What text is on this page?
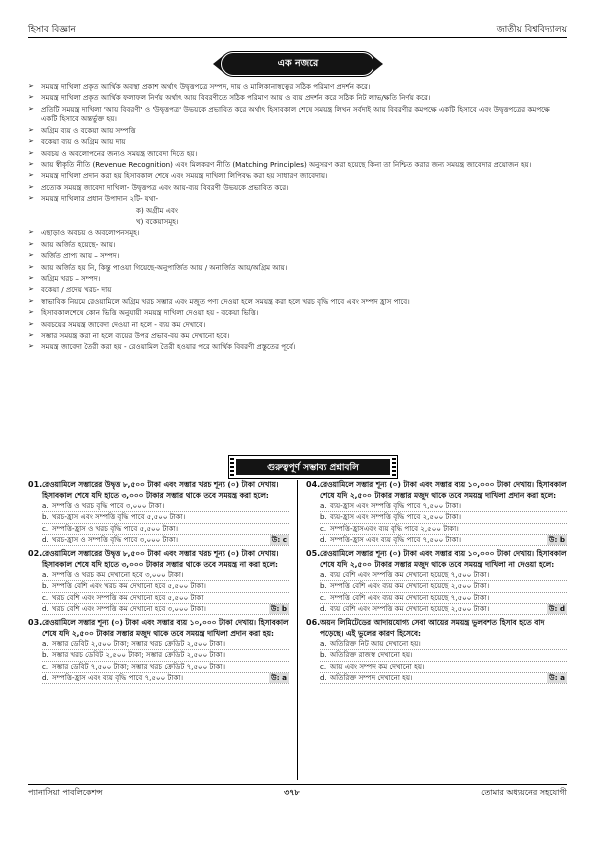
হিসাব বিজ্ঞান	জাতীয় বিশ্ববিদ্যালয়
এক নজরে
➢	সময়ন্ত্র দাখিলা প্রকৃত আর্থিক অবস্থা প্রকাশ অর্থাৎ উদ্বৃত্তপত্রে সম্পদ, দায় ও মালিকানাস্বত্বের সঠিক পরিমাণ প্রদর্শন করে।
➢	সময়ন্ত্র দাখিলা প্রকৃত আর্থিক ফলাফল নির্ণয় অর্থাৎ আয় বিবরণীতে সঠিক পরিমাণ আয় ও ব্যয় প্রদর্শন করে সঠিক নিট লাভ/ক্ষতি নির্ণয় করে।
➢	প্রতিটি সময়ন্ত্র দাখিলা 'আয় বিবরণী' ও 'উদ্বৃত্তপত্র' উভয়কে প্রভাবিত করে অর্থাৎ হিসাবকাল শেষে সময়ন্ত্র লিখন সর্বদাই আয় বিবরণীর কমপক্ষে একটি হিসাবে এবং উদ্বৃত্তপত্রের কমপক্ষে একটি হিসাবে অন্তর্ভুক্ত হয়।
➢	অগ্রিম ব্যয় ও বকেয়া আয় সম্পত্তি
➢	বকেয়া ব্যয় ও অগ্রিম আয় দায়
➢	অবচয় ও অবলোপনের জন্যও সময়ন্ত্র জাবেদা দিতে হয়।
➢	আয় স্বীকৃতি নীতি (Revenue Recognition) এবং মিলকরণ নীতি (Matching Principles) অনুসরণ করা হয়েছে কিনা তা নিশ্চিত করার জন্য সময়ন্ত্র জাবেদার প্রয়োজন হয়।
➢	সময়ন্ত্র দাখিলা প্রদান করা হয় হিসাবকাল শেষে এবং সময়ন্ত্র দাখিলা লিপিবদ্ধ করা হয় সাধারণ জাবেদায়।
➢	প্রত্যেক সময়ন্ত্র জাবেদা দাখিলা- উদ্বৃত্তপত্র এবং আয়-ব্যয় বিবরণী উভয়কে প্রভাবিত করে।
➢	সময়ন্ত্র দাখিলার প্রধান উপাদান ২টি- যথা-
ক) অগ্রীম এবং
খ) বকেয়াসমূহ।
➢	এছাড়াও অবচয় ও অবলোপনসমূহ।
➢	আয় অর্জিত হয়েছে- আয়।
➢	অর্জিত প্রাপ্য আয় – সম্পদ।
➢	আয় অর্জিত হয় নি, কিন্তু পাওয়া গিয়েছে-অনুপার্জিত আয় / অনার্জিত আয়/অগ্রিম আয়।
➢	অগ্রিম খরচ – সম্পদ।
➢	বকেয়া / প্রদেয় খরচ- দায়
➢	স্বাভাবিক নিয়মে রেওয়ামিলে অগ্রিম খরচ সম্ভার এবং মজুত পণ্য দেওয়া হলে সময়ন্ত্র করা হলে খরচ বৃদ্ধি পাবে এবং সম্পদ হ্রাস পাবে।
➢	হিসাবকালশেষে কোন ভিত্তি অনুযায়ী সময়ন্ত্র দাখিলা দেওয়া হয় - বকেয়া ভিত্তি।
➢	অবচয়ের সময়ন্ত্র জাবেদা দেওয়া না হলে - ব্যয় কম দেখাবে।
➢	সম্ভার সময়ন্ত্র করা না হলে ব্যয়ের উপর প্রভাব-বয় কম দেখানো হবে।
➢	সময়ন্ত্র জাবেদা তৈরী করা হয় - রেওয়ামিল তৈরী হওয়ার পরে আর্থিক বিবরণী প্রস্তুতের পূর্বে।
গুরুত্বপূর্ণ সম্ভাব্য প্রশ্নাবলি
01. রেওয়ামিলে সম্ভারের উদ্বৃত্ত ৮,৫০০ টাকা এবং সম্ভার খরচ শূন্য (০) টাকা দেখায়। হিসাবকাল শেষে যদি হাতে ৩,০০০ টাকার সম্ভার থাকে তবে সময়ন্ত্র করা হলে:
a. সম্পত্তি ও খরচ বৃদ্ধি পাবে ৩,০০০ টাকা।
b. খরচ-হ্রাস এবং সম্পত্তি বৃদ্ধি পাবে ৫,৫০০ টাকা।
c. সম্পত্তি-হ্রাস ও খরচ বৃদ্ধি পাবে ৫,৫০০ টাকা।
d. খরচ-হ্রাস ও সম্পত্তি বৃদ্ধি পাবে ৩,০০০ টাকা।	উ: c
02. রেওয়ামিলে সম্ভারের উদ্বৃত্ত ৮,৫০০ টাকা এবং সম্ভার খরচ শূন্য (০) টাকা দেখায়। হিসাবকাল শেষে যদি হাতে ৩,০০০ টাকার সম্ভার থাকে তবে সময়ন্ত্র না করা হলে:
a. সম্পত্তি ও খরচ কম দেখানো হবে ৩,০০০ টাকা।
b. সম্পত্তি বেশি এবং খরচ কম দেখানো হবে ৫,৫০০ টাকা।
c. খরচ বেশি এবং সম্পত্তি কম দেখানো হবে ৫,৫০০ টাকা
d. খরচ বেশি এবং সম্পত্তি কম দেখানো হবে ৩,০০০ টাকা।	উ: b
03. রেওয়ামিলে সম্ভার শূন্য (০) টাকা এবং সম্ভার ব্যয় ১০,০০০ টাকা দেখায়। হিসাবকাল শেষে যদি ২,৫০০ টাকার সম্ভার মজুদ থাকে তবে সময়ন্ত্র দাখিলা প্রদান করা হয়:
a. সম্ভার ডেবিট ২,৫০০ টাকা; সম্ভার খরচ ক্রেডিট ২,৫০০ টাকা।
b. সম্ভার খরচ ডেবিট ২,৫০০ টাকা; সম্ভার ক্রেডিট ২,৫০০ টাকা।
c. সম্ভার ডেবিট ৭,৫০০ টাকা; সম্ভার খরচ ক্রেডিট ৭,৫০০ টাকা।
d. সম্পত্তি-হ্রাস এবং ব্যয় বৃদ্ধি পাবে ৭,৫০০ টাকা।	উ: a
04. রেওয়ামিলে সম্ভার শূন্য (০) টাকা এবং সম্ভার ব্যয় ১০,০০০ টাকা দেখায়। হিসাবকাল শেষে যদি ২,৫০০ টাকার সম্ভার মজুদ থাকে তবে সময়ন্ত্র দাখিলা প্রদান করা হলে:
a. ব্যয়-হ্রাস এবং সম্পত্তি বৃদ্ধি পাবে ৭,৫০০ টাকা।
b. ব্যয়-হ্রাস এবং সম্পত্তি বৃদ্ধি পাবে ২,৫০০ টাকা।
c. সম্পত্তি-হ্রাসএবং ব্যয় বৃদ্ধি পাবে ২,৫০০ টাকা।
d. সম্পত্তি-হ্রাস এবং ব্যয় বৃদ্ধি পাবে ৭,৫০০ টাকা।	উ: b
05. রেওয়ামিলে সম্ভার শূন্য (০) টাকা এবং সম্ভার ব্যয় ১০,০০০ টাকা দেখায়। হিসাবকাল শেষে যদি ২,৫০০ টাকার সম্ভার মজুদ থাকে তবে সময়ন্ত্র দাখিলা না দেওয়া হলে:
a. ব্যয় বেশি এবং সম্পত্তি কম দেখানো হয়েছে ৭,৫০০ টাকা।
b. সম্পত্তি বেশি এবং ব্যয় কম দেখানো হয়েছে ২,৫০০ টাকা।
c. সম্পত্তি বেশি এবং ব্যয় কম দেখানো হয়েছে ৭,৫০০ টাকা।
d. ব্যয় বেশি এবং সম্পত্তি কম দেখানো হয়েছে ২,৫০০ টাকা।	উ: d
06. অয়ন লিমিটেডের আদায়যোগ্য সেবা আয়ের সময়ন্ত্র ভুলবশত হিসাব হতে বাদ পড়েছে। এই ভুলের কারণ হিসেবে:
a. অতিরিক্ত নিট আয় দেখানো হয়।
b. অতিরিক্ত রাজস্ব দেখানো হয়।
c. আয় এবং সম্পদ কম দেখানো হয়।
d. অতিরিক্ত সম্পদ দেখানো হয়।	উ: a
প্যানাসিয়া পাবলিকেশন্স	৩৭৮	তোমার অধ্যয়নের সহযোগী
